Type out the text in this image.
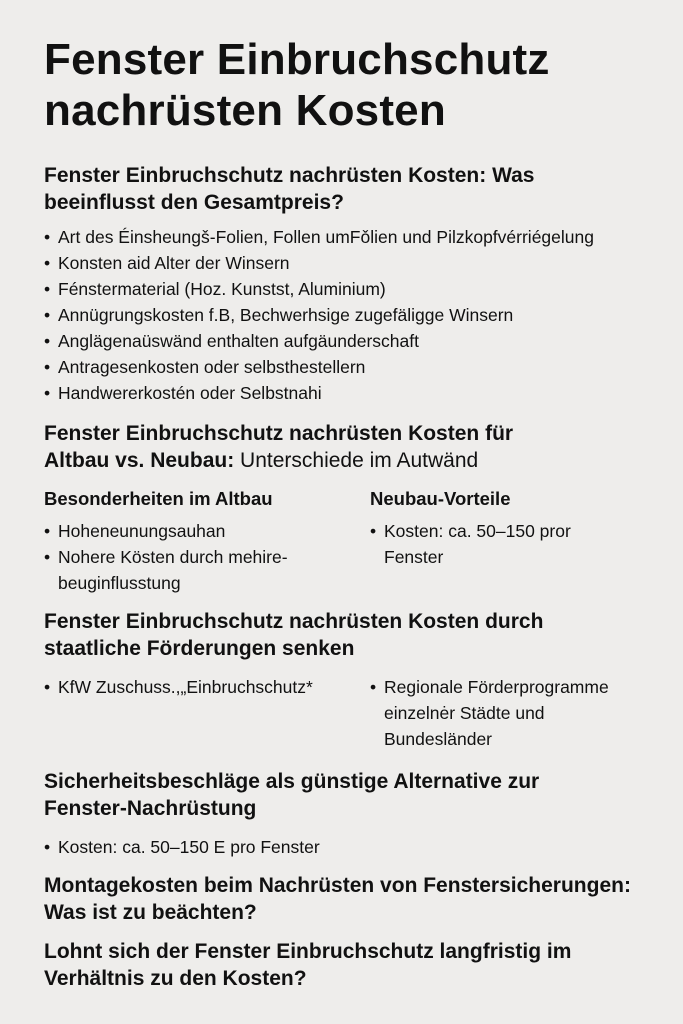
Fenster Einbruchschutz nachrüsten Kosten
Fenster Einbruchschutz nachrüsten Kosten: Was beeinflusst den Gesamtpreis?
• Art des Éinsheungš-Folien, Follen umFǒlien und Pilzkopfvérriégelung
• Konsten aid Alter der Winsern
• Fénstermaterial (Hoz. Kunstst, Aluminium)
• Annügrungskosten f.B, Bechwerhsige zugefäligge Winsern
• Anglägenaüswänd enthalten aufgäunderschaft
• Antragesenkosten oder selbsthestellern
• Handwererkostén oder Selbstnahi
Fenster Einbruchschutz nachrüsten Kosten für Altbau vs. Neubau: Unterschiede im Autwänd
Besonderheiten im Altbau
• Hoheneunungsauhan
• Nohere Kösten durch mehire-beuginflusstung
Neubau-Vorteile
• Kosten: ca. 50–150 pror Fenster
Fenster Einbruchschutz nachrüsten Kosten durch staatliche Förderungen senken
• KfW Zuschuss.,„Einbruchschutz*
•	Regionale Förderprogramme einzelnėr Städte und Bundesländer
Sicherheitsbeschläge als günstige Alternative zur Fenster-Nachrüstung
• Kosten: ca. 50–150 E pro Fenster
Montagekosten beim Nachrüsten von Fenstersicherungen: Was ist zu beächten?
Lohnt sich der Fenster Einbruchschutz langfristig im Verhältnis zu den Kosten?
